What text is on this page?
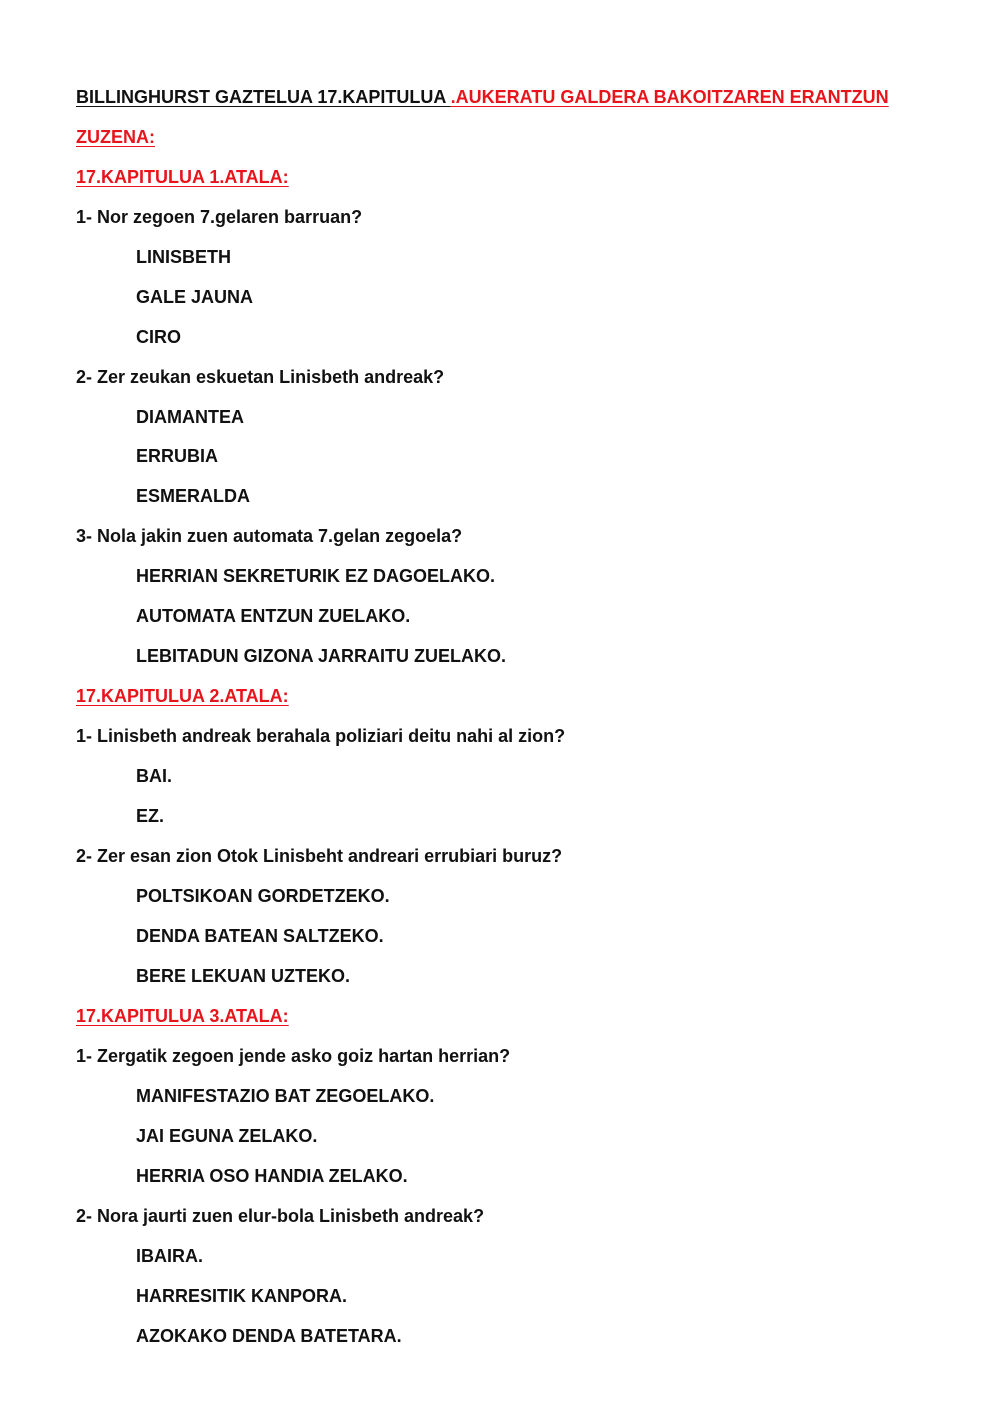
BILLINGHURST GAZTELUA 17.KAPITULUA .AUKERATU GALDERA BAKOITZAREN ERANTZUN
ZUZENA:
17.KAPITULUA 1.ATALA:
1- Nor zegoen 7.gelaren barruan?
LINISBETH
GALE JAUNA
CIRO
2- Zer zeukan eskuetan Linisbeth andreak?
DIAMANTEA
ERRUBIA
ESMERALDA
3- Nola jakin zuen automata 7.gelan zegoela?
HERRIAN SEKRETURIK EZ DAGOELAKO.
AUTOMATA ENTZUN ZUELAKO.
LEBITADUN GIZONA JARRAITU ZUELAKO.
17.KAPITULUA 2.ATALA:
1- Linisbeth andreak berahala poliziari deitu nahi al zion?
BAI.
EZ.
2- Zer esan zion Otok Linisbeht andreari errubiari buruz?
POLTSIKOAN GORDETZEKO.
DENDA BATEAN SALTZEKO.
BERE LEKUAN UZTEKO.
17.KAPITULUA 3.ATALA:
1- Zergatik zegoen jende asko goiz hartan herrian?
MANIFESTAZIO BAT ZEGOELAKO.
JAI EGUNA ZELAKO.
HERRIA OSO HANDIA ZELAKO.
2- Nora jaurti zuen elur-bola Linisbeth andreak?
IBAIRA.
HARRESITIK KANPORA.
AZOKAKO DENDA BATETARA.
